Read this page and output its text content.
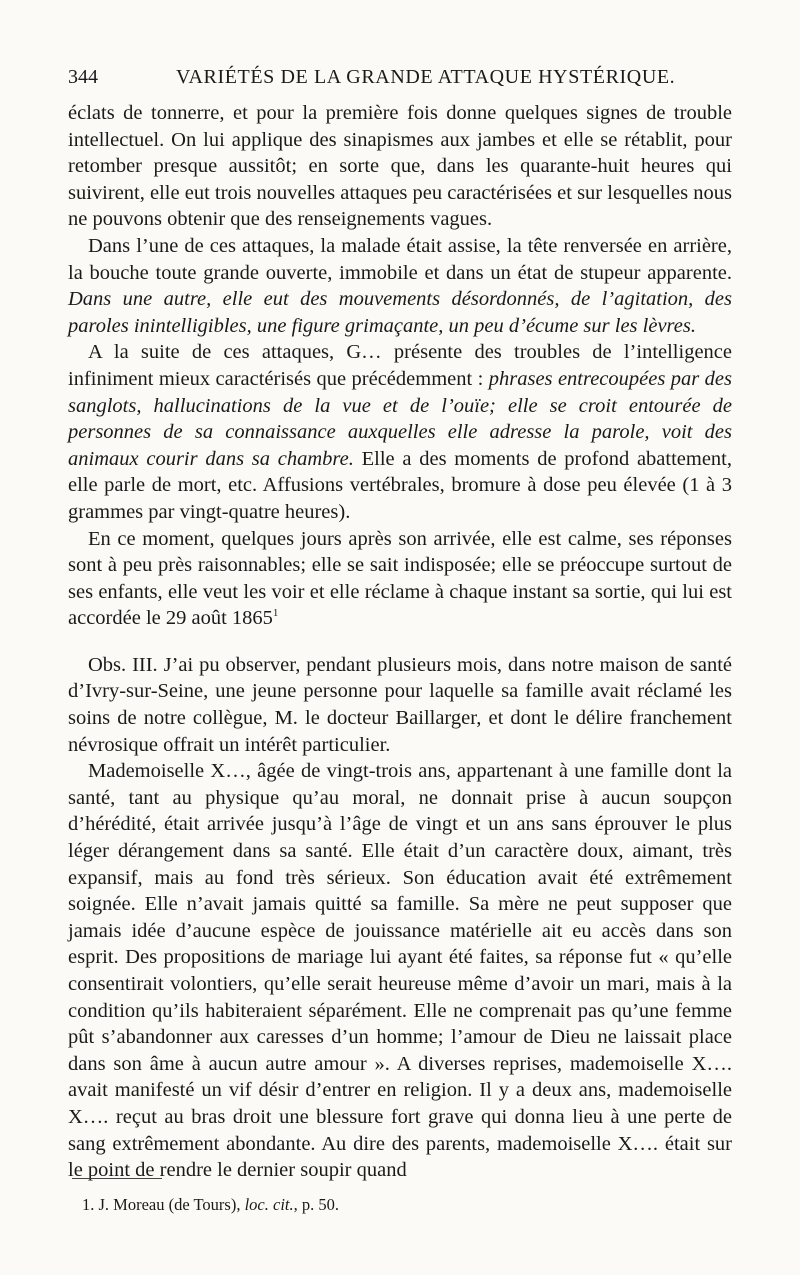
344	VARIÉTÉS DE LA GRANDE ATTAQUE HYSTÉRIQUE.

éclats de tonnerre, et pour la première fois donne quelques signes de trouble intellectuel. On lui applique des sinapismes aux jambes et elle se rétablit, pour retomber presque aussitôt; en sorte que, dans les quarante-huit heures qui suivirent, elle eut trois nouvelles attaques peu caractérisées et sur lesquelles nous ne pouvons obtenir que des renseignements vagues.

Dans l’une de ces attaques, la malade était assise, la tête renversée en arrière, la bouche toute grande ouverte, immobile et dans un état de stupeur apparente. Dans une autre, elle eut des mouvements désordonnés, de l’agitation, des paroles inintelligibles, une figure grimaçante, un peu d’écume sur les lèvres.

A la suite de ces attaques, G… présente des troubles de l’intelligence infiniment mieux caractérisés que précédemment : phrases entrecoupées par des sanglots, hallucinations de la vue et de l’ouïe; elle se croit entourée de personnes de sa connaissance auxquelles elle adresse la parole, voit des animaux courir dans sa chambre. Elle a des moments de profond abattement, elle parle de mort, etc. Affusions vertébrales, bromure à dose peu élevée (1 à 3 grammes par vingt-quatre heures).

En ce moment, quelques jours après son arrivée, elle est calme, ses réponses sont à peu près raisonnables; elle se sait indisposée; elle se préoccupe surtout de ses enfants, elle veut les voir et elle réclame à chaque instant sa sortie, qui lui est accordée le 29 août 1865$^1$

Obs. III. J’ai pu observer, pendant plusieurs mois, dans notre maison de santé d’Ivry-sur-Seine, une jeune personne pour laquelle sa famille avait réclamé les soins de notre collègue, M. le docteur Baillarger, et dont le délire franchement névrosique offrait un intérêt particulier.

Mademoiselle X…, âgée de vingt-trois ans, appartenant à une famille dont la santé, tant au physique qu’au moral, ne donnait prise à aucun soupçon d’hérédité, était arrivée jusqu’à l’âge de vingt et un ans sans éprouver le plus léger dérangement dans sa santé. Elle était d’un caractère doux, aimant, très expansif, mais au fond très sérieux. Son éducation avait été extrêmement soignée. Elle n’avait jamais quitté sa famille. Sa mère ne peut supposer que jamais idée d’aucune espèce de jouissance matérielle ait eu accès dans son esprit. Des propositions de mariage lui ayant été faites, sa réponse fut « qu’elle consentirait volontiers, qu’elle serait heureuse même d’avoir un mari, mais à la condition qu’ils habiteraient séparément. Elle ne comprenait pas qu’une femme pût s’abandonner aux caresses d’un homme; l’amour de Dieu ne laissait place dans son âme à aucun autre amour ». A diverses reprises, mademoiselle X…. avait manifesté un vif désir d’entrer en religion. Il y a deux ans, mademoiselle X…. reçut au bras droit une blessure fort grave qui donna lieu à une perte de sang extrêmement abondante. Au dire des parents, mademoiselle X…. était sur le point de rendre le dernier soupir quand

1. J. Moreau (de Tours), loc. cit., p. 50.
